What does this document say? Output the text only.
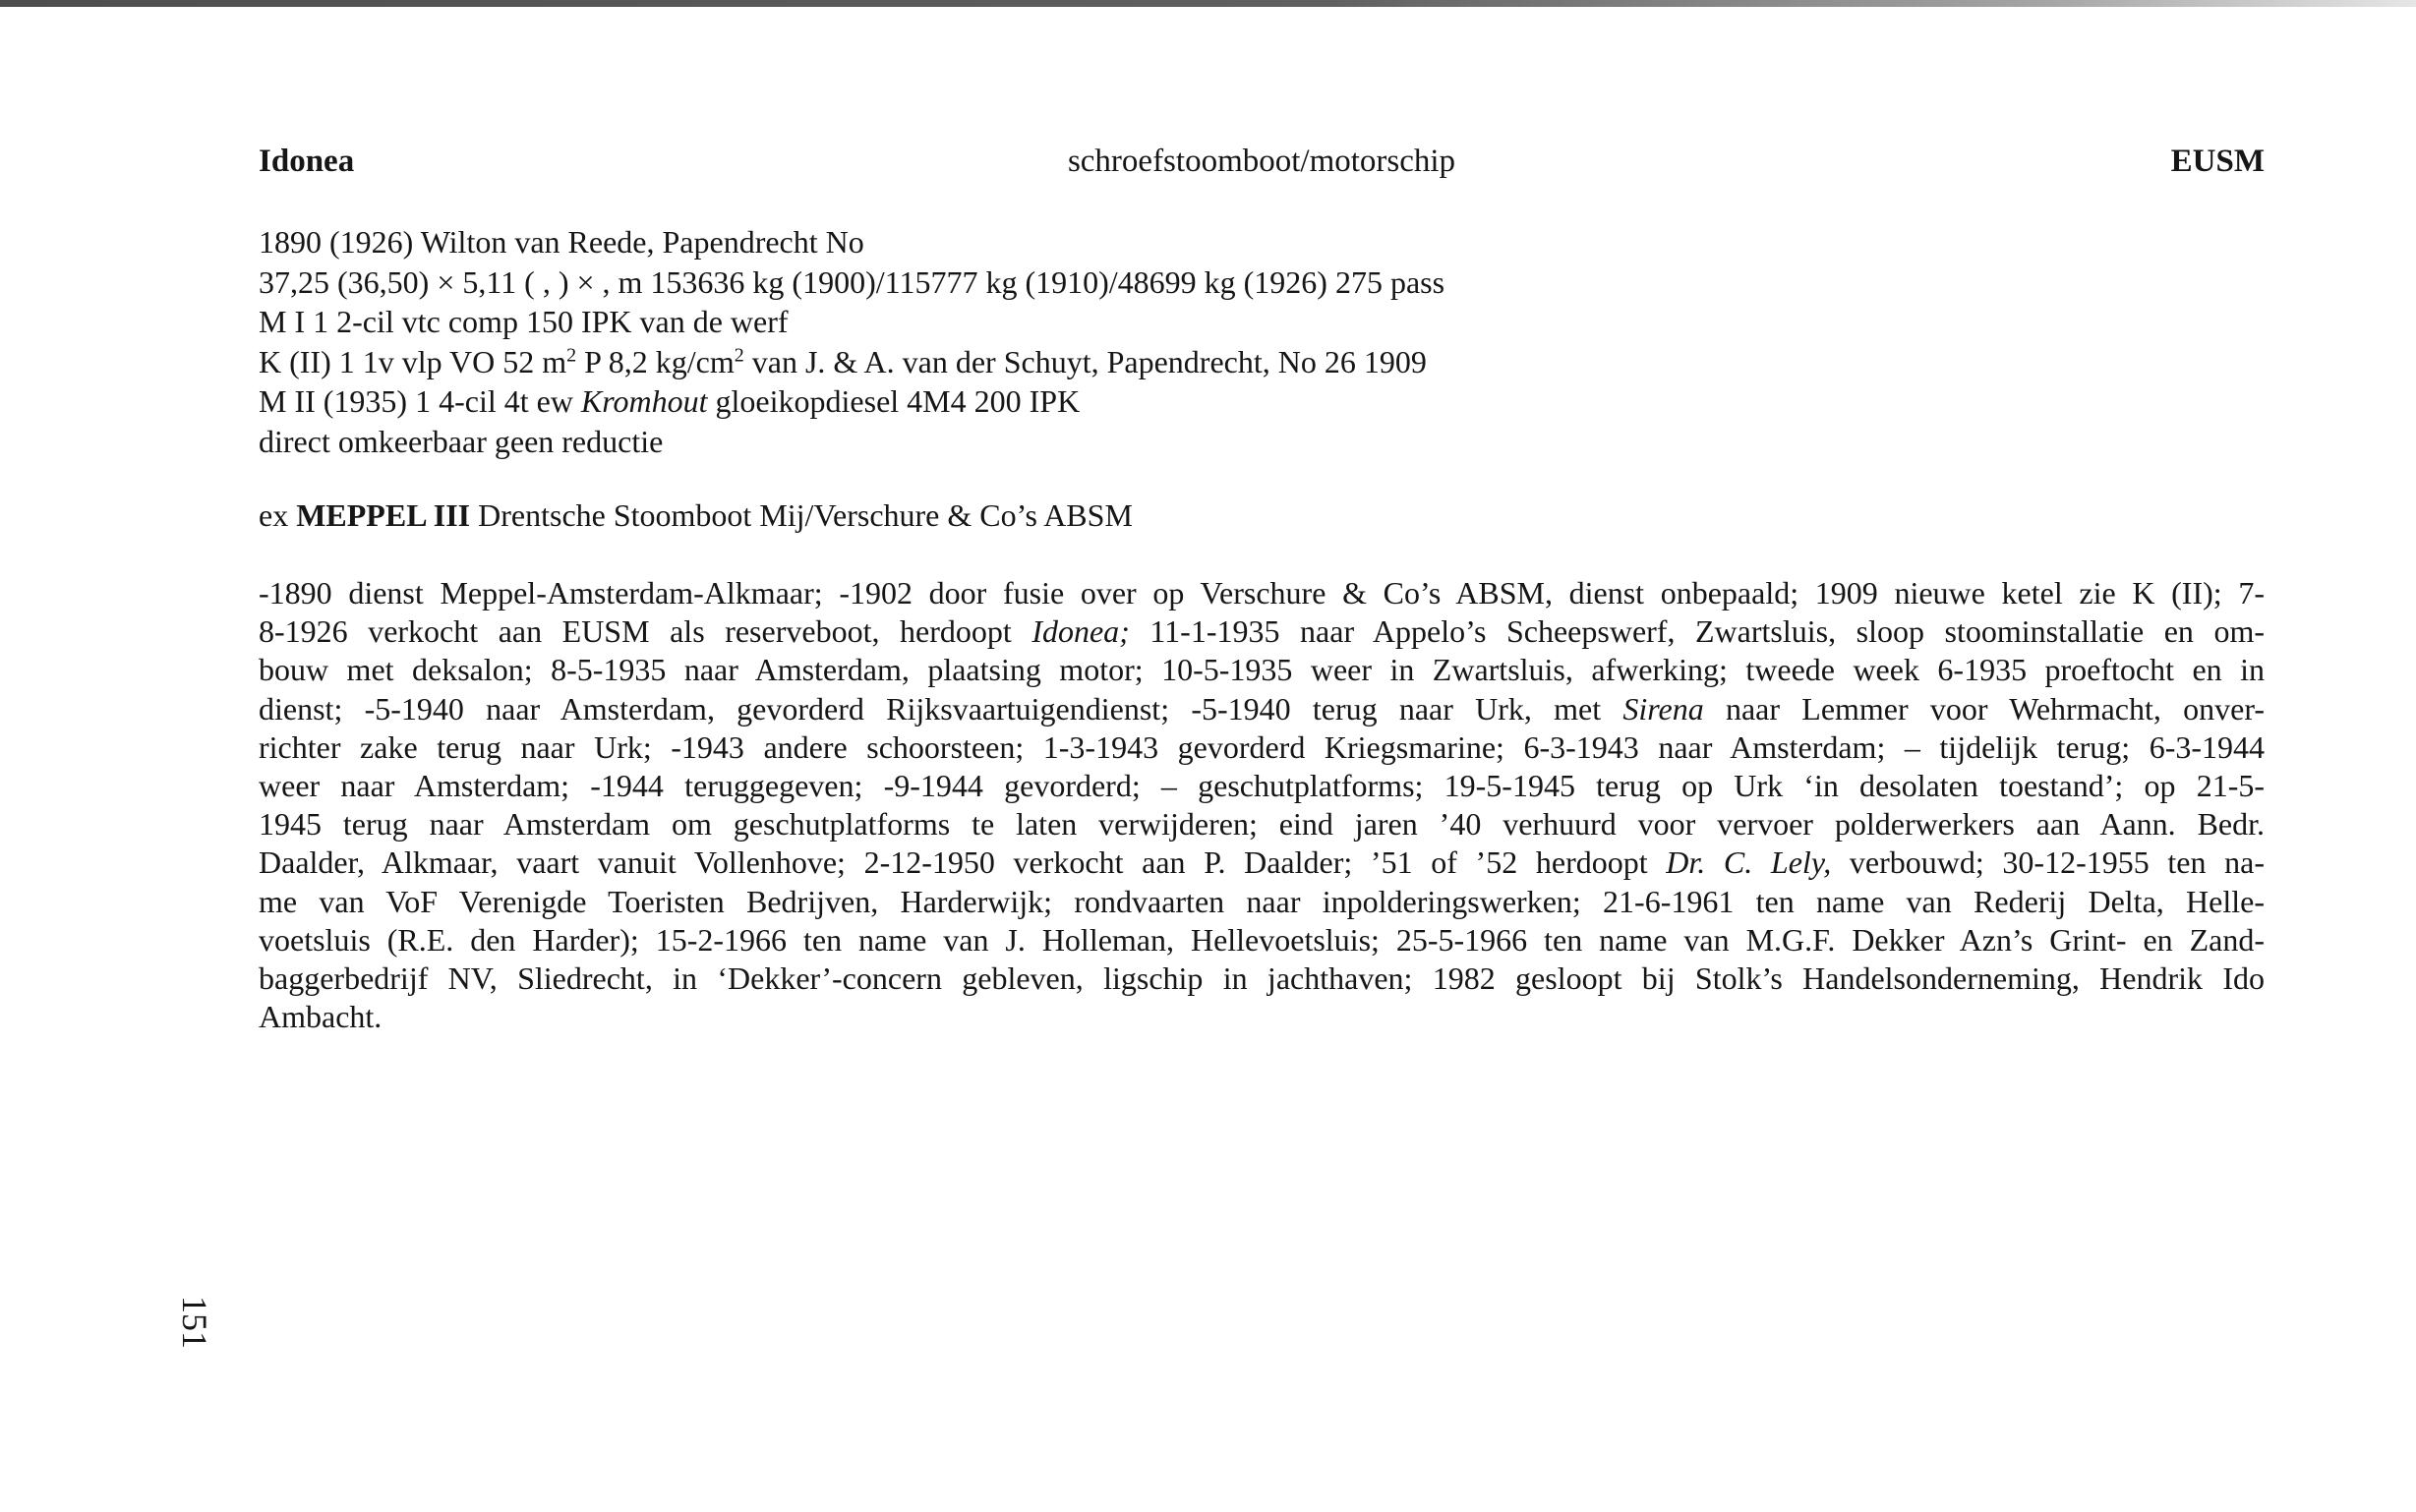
Idonea	schroefstoomboot/motorschip	EUSM
1890 (1926) Wilton van Reede, Papendrecht No
37,25 (36,50) × 5,11 ( , ) × , m 153636 kg (1900)/115777 kg (1910)/48699 kg (1926) 275 pass
M I 1 2-cil vtc comp 150 IPK van de werf
K (II) 1 1v vlp VO 52 $m^2$ P 8,2 $kg/cm^2$ van J. & A. van der Schuyt, Papendrecht, No 26 1909
M II (1935) 1 4-cil 4t ew Kromhout gloeikopdiesel 4M4 200 IPK
direct omkeerbaar geen reductie
ex MEPPEL III Drentsche Stoomboot Mij/Verschure & Co’s ABSM
-1890 dienst Meppel-Amsterdam-Alkmaar; -1902 door fusie over op Verschure & Co’s ABSM, dienst onbepaald; 1909 nieuwe ketel zie K (II); 7-
8-1926 verkocht aan EUSM als reserveboot, herdoopt Idonea; 11-1-1935 naar Appelo’s Scheepswerf, Zwartsluis, sloop stoominstallatie en om-
bouw met deksalon; 8-5-1935 naar Amsterdam, plaatsing motor; 10-5-1935 weer in Zwartsluis, afwerking; tweede week 6-1935 proeftocht en in
dienst; -5-1940 naar Amsterdam, gevorderd Rijksvaartuigendienst; -5-1940 terug naar Urk, met Sirena naar Lemmer voor Wehrmacht, onver-
richter zake terug naar Urk; -1943 andere schoorsteen; 1-3-1943 gevorderd Kriegsmarine; 6-3-1943 naar Amsterdam; – tijdelijk terug; 6-3-1944
weer naar Amsterdam; -1944 teruggegeven; -9-1944 gevorderd; – geschutplatforms; 19-5-1945 terug op Urk ‘in desolaten toestand’; op 21-5-
1945 terug naar Amsterdam om geschutplatforms te laten verwijderen; eind jaren ’40 verhuurd voor vervoer polderwerkers aan Aann. Bedr.
Daalder, Alkmaar, vaart vanuit Vollenhove; 2-12-1950 verkocht aan P. Daalder; ’51 of ’52 herdoopt Dr. C. Lely, verbouwd; 30-12-1955 ten na-
me van VoF Verenigde Toeristen Bedrijven, Harderwijk; rondvaarten naar inpolderingswerken; 21-6-1961 ten name van Rederij Delta, Helle-
voetsluis (R.E. den Harder); 15-2-1966 ten name van J. Holleman, Hellevoetsluis; 25-5-1966 ten name van M.G.F. Dekker Azn’s Grint- en Zand-
baggerbedrijf NV, Sliedrecht, in ‘Dekker’-concern gebleven, ligschip in jachthaven; 1982 gesloopt bij Stolk’s Handelsonderneming, Hendrik Ido
Ambacht.
151
